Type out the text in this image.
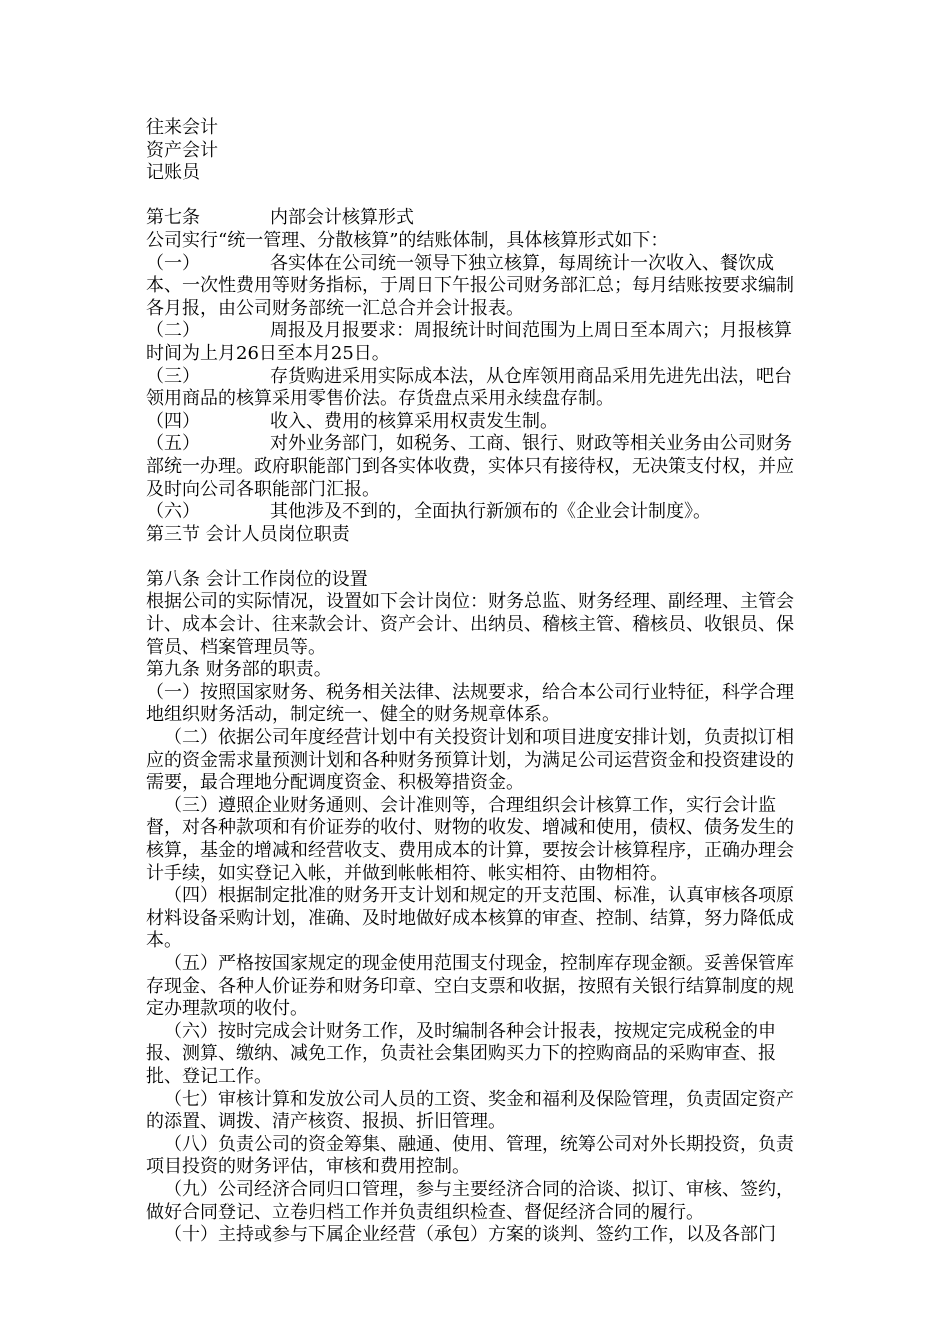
往来会计

资产会计

记账员

第七条	内部会计核算形式

公司实行“统一管理、分散核算”的结账体制，具体核算形式如下：

（一）	各实体在公司统一领导下独立核算，每周统计一次收入、餐饮成本、一次性费用等财务指标，于周日下午报公司财务部汇总；每月结账按要求编制各月报，由公司财务部统一汇总合并会计报表。

（二）	周报及月报要求：周报统计时间范围为上周日至本周六；月报核算时间为上月26日至本月25日。

（三）	存货购进采用实际成本法，从仓库领用商品采用先进先出法，吧台领用商品的核算采用零售价法。存货盘点采用永续盘存制。

（四）	收入、费用的核算采用权责发生制。

（五）	对外业务部门，如税务、工商、银行、财政等相关业务由公司财务部统一办理。政府职能部门到各实体收费，实体只有接待权，无决策支付权，并应及时向公司各职能部门汇报。

（六）	其他涉及不到的，全面执行新颁布的《企业会计制度》。

第三节 会计人员岗位职责

第八条 会计工作岗位的设置

根据公司的实际情况，设置如下会计岗位：财务总监、财务经理、副经理、主管会计、成本会计、往来款会计、资产会计、出纳员、稽核主管、稽核员、收银员、保管员、档案管理员等。

第九条 财务部的职责。

（一）按照国家财务、税务相关法律、法规要求，给合本公司行业特征，科学合理地组织财务活动，制定统一、健全的财务规章体系。

（二）依据公司年度经营计划中有关投资计划和项目进度安排计划，负责拟订相应的资金需求量预测计划和各种财务预算计划，为满足公司运营资金和投资建设的需要，最合理地分配调度资金、积极筹措资金。

（三）遵照企业财务通则、会计准则等，合理组织会计核算工作，实行会计监督，对各种款项和有价证券的收付、财物的收发、增减和使用，债权、债务发生的核算，基金的增减和经营收支、费用成本的计算，要按会计核算程序，正确办理会计手续，如实登记入帐，并做到帐帐相符、帐实相符、由物相符。

（四）根据制定批准的财务开支计划和规定的开支范围、标准，认真审核各项原材料设备采购计划，准确、及时地做好成本核算的审查、控制、结算，努力降低成本。

（五）严格按国家规定的现金使用范围支付现金，控制库存现金额。妥善保管库存现金、各种人价证券和财务印章、空白支票和收据，按照有关银行结算制度的规定办理款项的收付。

（六）按时完成会计财务工作，及时编制各种会计报表，按规定完成税金的申报、测算、缴纳、减免工作，负责社会集团购买力下的控购商品的采购审查、报批、登记工作。

（七）审核计算和发放公司人员的工资、奖金和福利及保险管理，负责固定资产的添置、调拨、清产核资、报损、折旧管理。

（八）负责公司的资金筹集、融通、使用、管理，统筹公司对外长期投资，负责项目投资的财务评估，审核和费用控制。

（九）公司经济合同归口管理，参与主要经济合同的洽谈、拟订、审核、签约，做好合同登记、立卷归档工作并负责组织检查、督促经济合同的履行。

（十）主持或参与下属企业经营（承包）方案的谈判、签约工作，以及各部门
